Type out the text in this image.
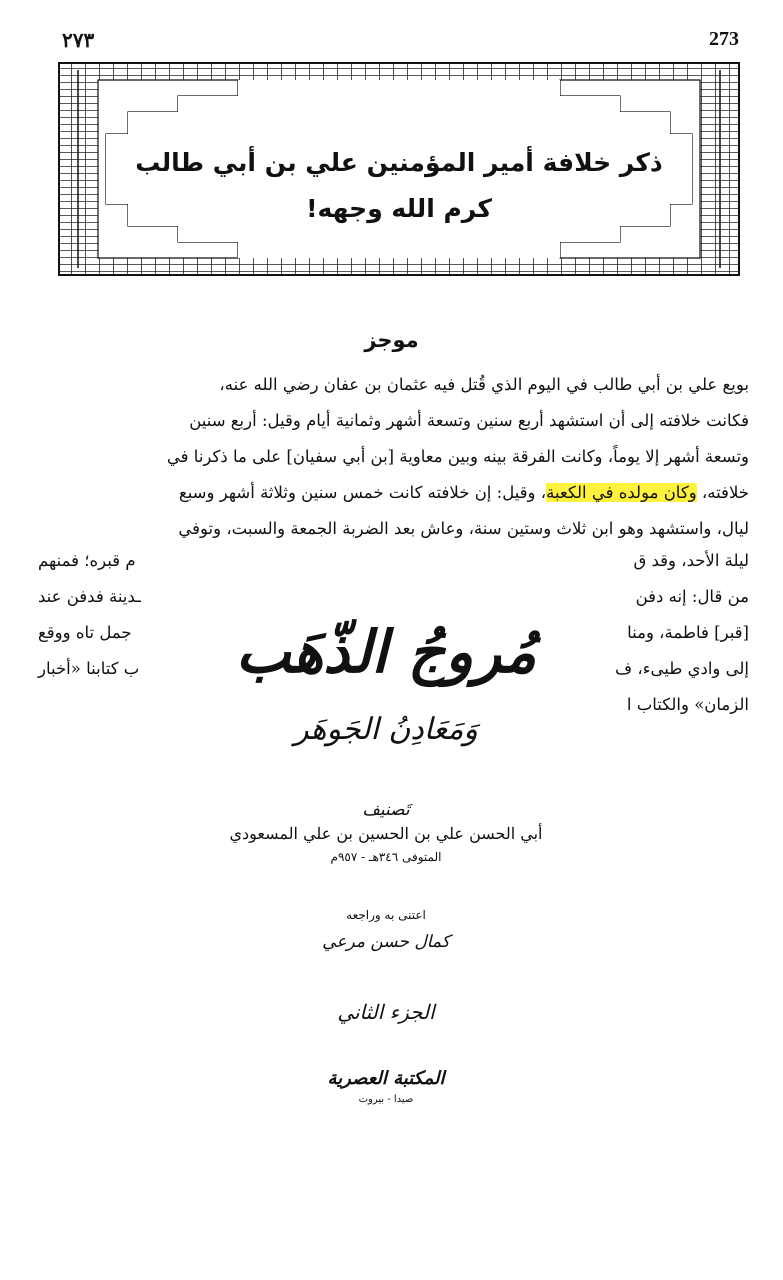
٢٧٣	273
ذكر خلافة أمير المؤمنين علي بن أبي طالب
كرم الله وجهه!
موجز
بويع علي بن أبي طالب في اليوم الذي قُتل فيه عثمان بن عفان رضي الله عنه،
فكانت خلافته إلى أن استشهد أربع سنين وتسعة أشهر وثمانية أيام وقيل: أربع سنين
وتسعة أشهر إلا يوماً، وكانت الفرقة بينه وبين معاوية [بن أبي سفيان] على ما ذكرنا في
خلافته، وكان مولده في الكعبة، وقيل: إن خلافته كانت خمس سنين وثلاثة أشهر وسبع
ليال، واستشهد وهو ابن ثلاث وستين سنة، وعاش بعد الضربة الجمعة والسبت، وتوفي
ليلة الأحد، وقد ق
م قبره؛ فمنهم
من قال: إنه دفن
ـدينة فدفن عند
[قبر] فاطمة، ومنا
جمل تاه ووقع
إلى وادي طيىء، ف
ب كتابنا «أخبار
الزمان» والكتاب ا
مُروجُ الذّهَب
وَمَعَادِنُ الجَوهَر
تَصنيف
أبي الحسن علي بن الحسين بن علي المسعودي
المتوفى ٣٤٦هـ - ٩٥٧م
اعتنى به وراجعه
كمال حسن مرعي
الجزء الثاني
المكتبة العصرية
صيدا - بيروت
